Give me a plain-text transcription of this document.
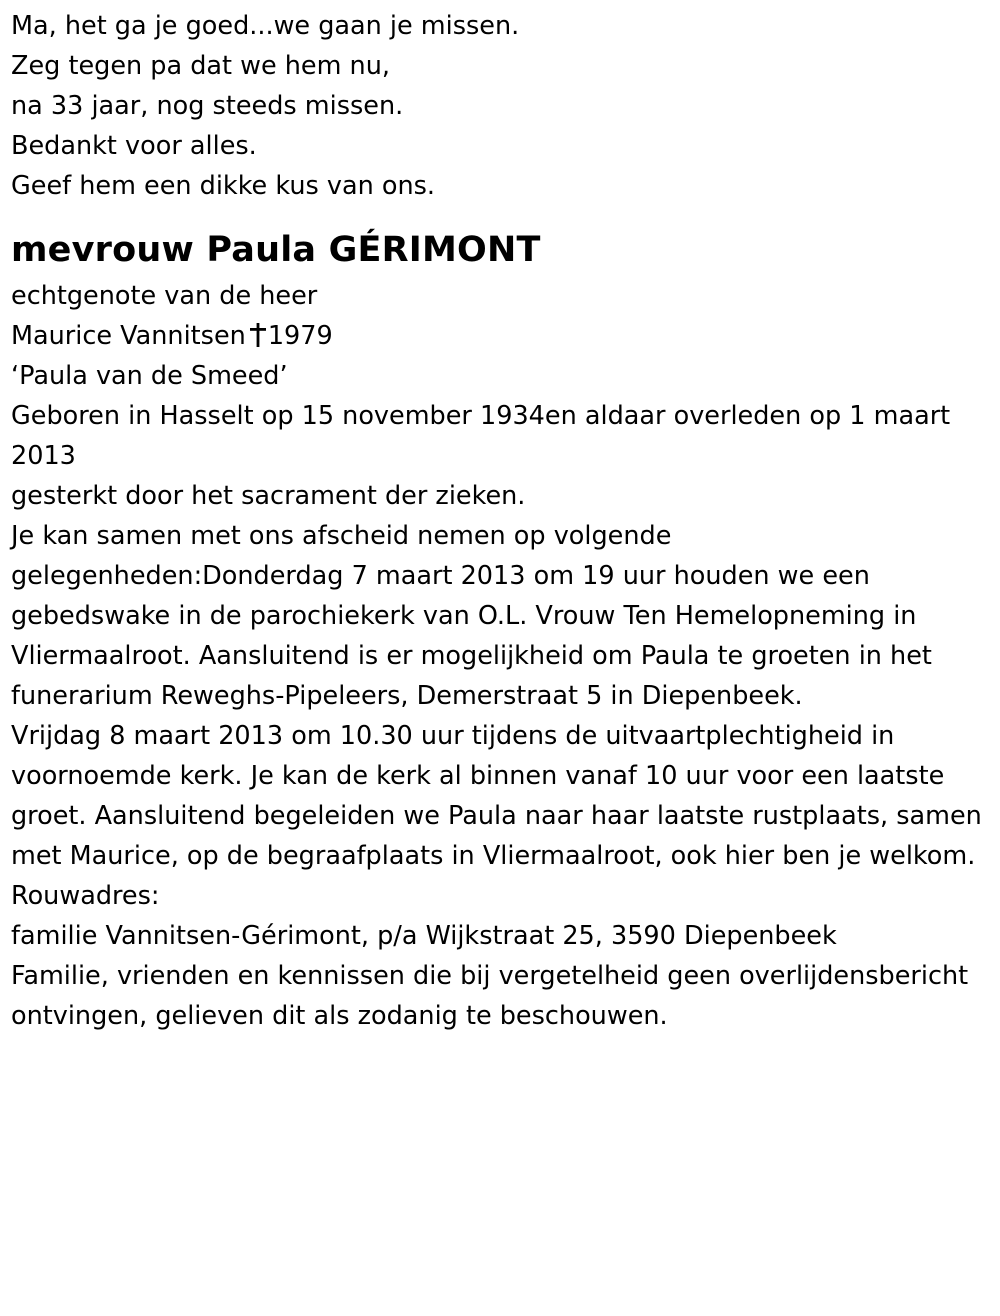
Ma, het ga je goed...we gaan je missen.
Zeg tegen pa dat we hem nu,
na 33 jaar, nog steeds missen.
Bedankt voor alles.
Geef hem een dikke kus van ons.
mevrouw Paula GÉRIMONT
echtgenote van de heer
Maurice Vannitsen 1979
‘Paula van de Smeed’
Geboren in Hasselt op 15 november 1934en aldaar overleden op 1 maart 2013
gesterkt door het sacrament der zieken.
Je kan samen met ons afscheid nemen op volgende gelegenheden:Donderdag 7 maart 2013 om 19 uur houden we een gebedswake in de parochiekerk van O.L. Vrouw Ten Hemelopneming in Vliermaalroot. Aansluitend is er mogelijkheid om Paula te groeten in het funerarium Reweghs-Pipeleers, Demerstraat 5 in Diepenbeek.
Vrijdag 8 maart 2013 om 10.30 uur tijdens de uitvaartplechtigheid in voornoemde kerk. Je kan de kerk al binnen vanaf 10 uur voor een laatste groet. Aansluitend begeleiden we Paula naar haar laatste rustplaats, samen met Maurice, op de begraafplaats in Vliermaalroot, ook hier ben je welkom.
Rouwadres:
familie Vannitsen-Gérimont, p/a Wijkstraat 25, 3590 Diepenbeek
Familie, vrienden en kennissen die bij vergetelheid geen overlijdensbericht ontvingen, gelieven dit als zodanig te beschouwen.
